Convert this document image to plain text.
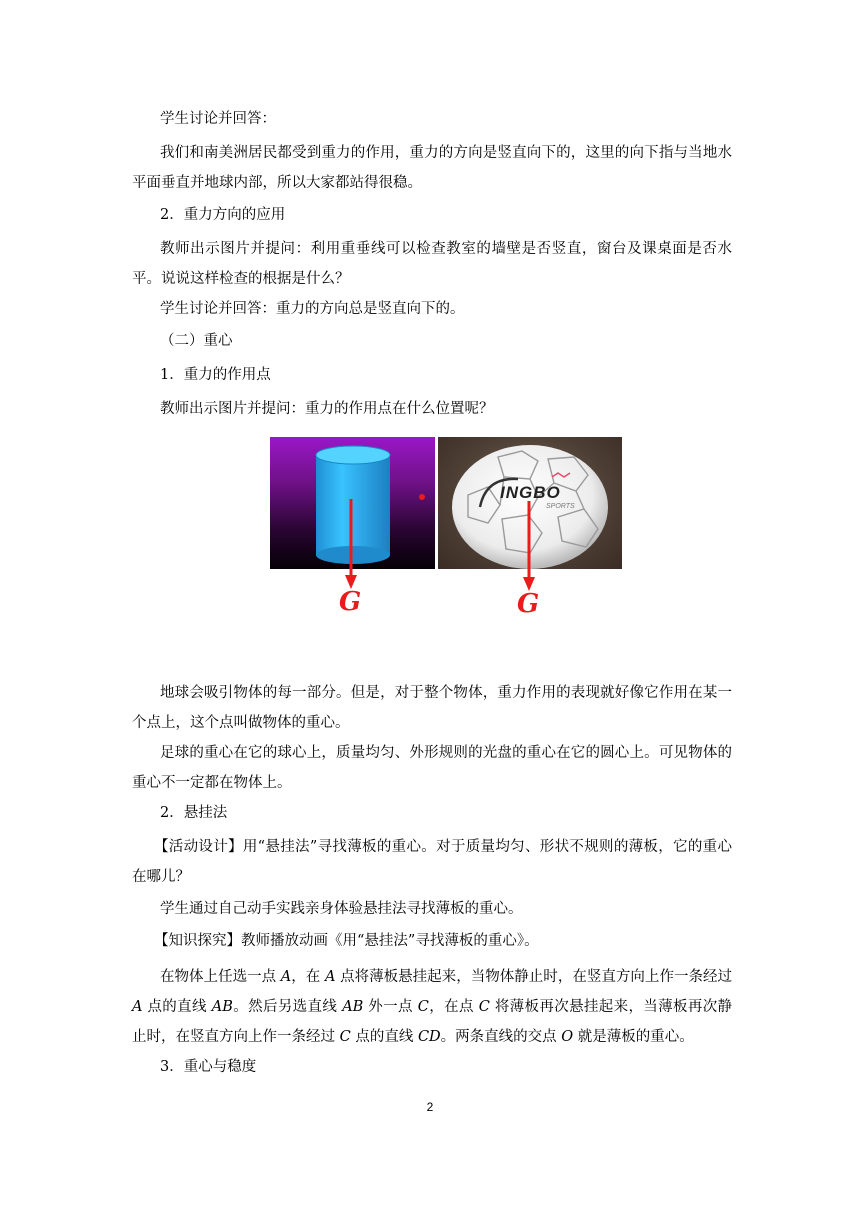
学生讨论并回答：
我们和南美洲居民都受到重力的作用，重力的方向是竖直向下的，这里的向下指与当地水平面垂直并地球内部，所以大家都站得很稳。
2．重力方向的应用
教师出示图片并提问：利用重垂线可以检查教室的墙壁是否竖直，窗台及课桌面是否水平。说说这样检查的根据是什么？
学生讨论并回答：重力的方向总是竖直向下的。
（二）重心
1．重力的作用点
教师出示图片并提问：重力的作用点在什么位置呢？
INGBO
SPORTS
G	G
地球会吸引物体的每一部分。但是，对于整个物体，重力作用的表现就好像它作用在某一个点上，这个点叫做物体的重心。
足球的重心在它的球心上，质量均匀、外形规则的光盘的重心在它的圆心上。可见物体的重心不一定都在物体上。
2．悬挂法
【活动设计】用“悬挂法”寻找薄板的重心。对于质量均匀、形状不规则的薄板，它的重心在哪儿？
学生通过自己动手实践亲身体验悬挂法寻找薄板的重心。
【知识探究】教师播放动画《用“悬挂法”寻找薄板的重心》。
在物体上任选一点 A，在 A 点将薄板悬挂起来，当物体静止时，在竖直方向上作一条经过 A 点的直线 AB。然后另选直线 AB 外一点 C，在点 C 将薄板再次悬挂起来，当薄板再次静止时，在竖直方向上作一条经过 C 点的直线 CD。两条直线的交点 O 就是薄板的重心。
3．重心与稳度
2
